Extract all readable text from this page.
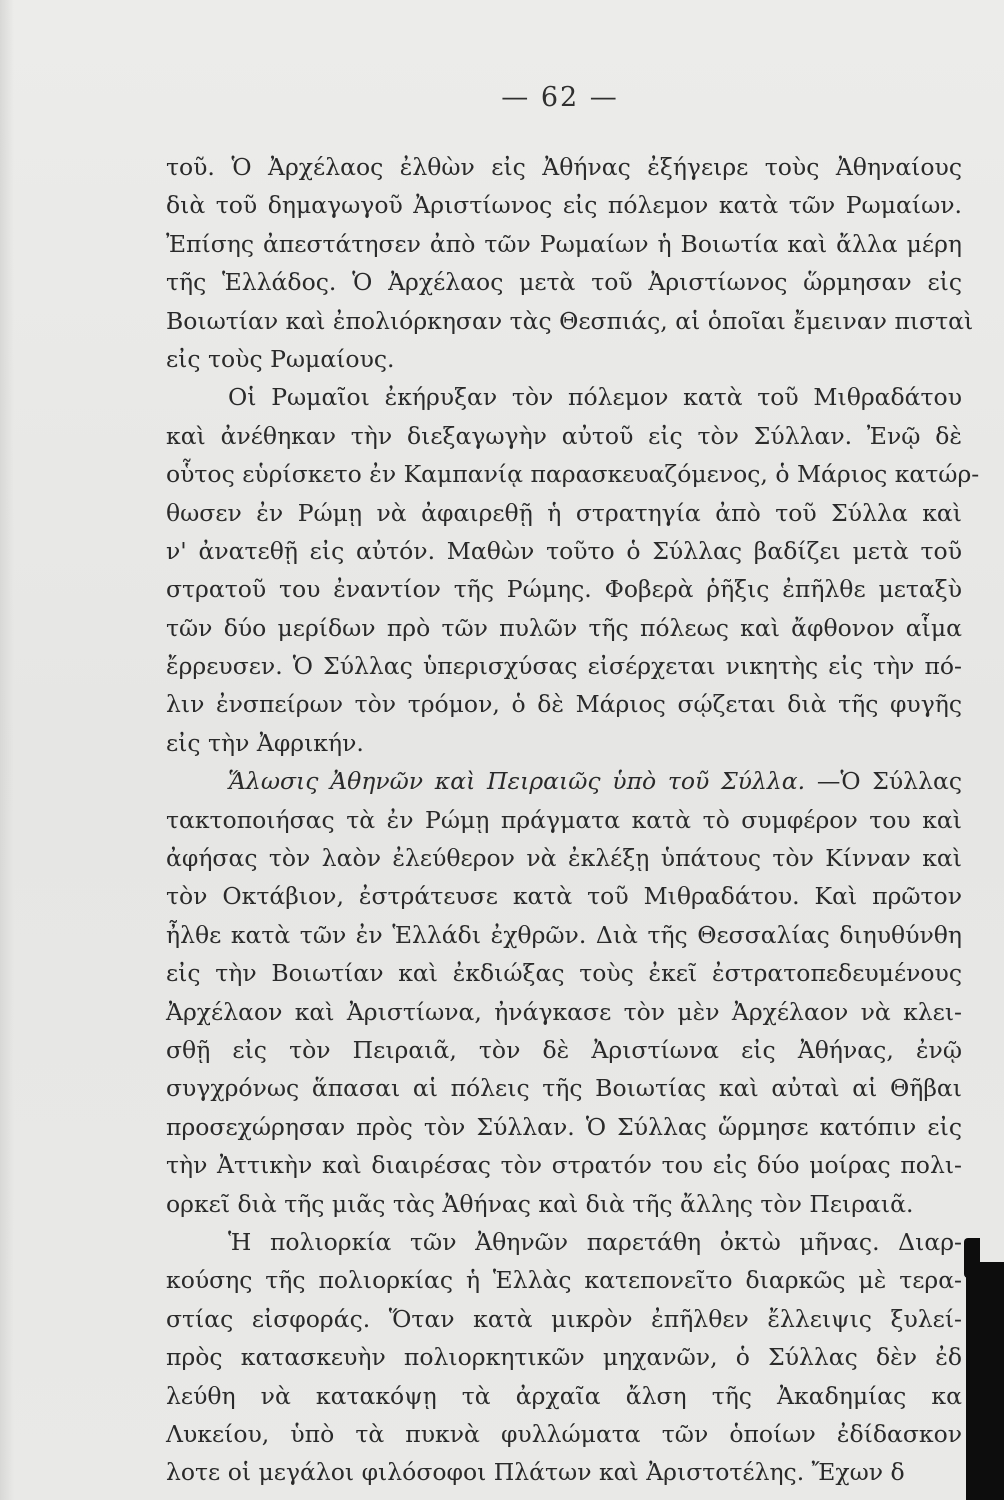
— 62 —
τοῦ. Ὁ Ἀρχέλαος ἐλθὼν εἰς Ἀθήνας ἐξήγειρε τοὺς Ἀθηναίους
διὰ τοῦ δημαγωγοῦ Ἀριστίωνος εἰς πόλεμον κατὰ τῶν Ρωμαίων.
Ἐπίσης ἀπεστάτησεν ἀπὸ τῶν Ρωμαίων ἡ Βοιωτία καὶ ἄλλα μέρη
τῆς Ἑλλάδος. Ὁ Ἀρχέλαος μετὰ τοῦ Ἀριστίωνος ὥρμησαν εἰς
Βοιωτίαν καὶ ἐπολιόρκησαν τὰς Θεσπιάς, αἱ ὁποῖαι ἔμειναν πισταὶ
εἰς τοὺς Ρωμαίους.
Οἱ Ρωμαῖοι ἐκήρυξαν τὸν πόλεμον κατὰ τοῦ Μιθραδάτου
καὶ ἀνέθηκαν τὴν διεξαγωγὴν αὐτοῦ εἰς τὸν Σύλλαν. Ἐνῷ δὲ
οὗτος εὑρίσκετο ἐν Καμπανίᾳ παρασκευαζόμενος, ὁ Μάριος κατώρ-
θωσεν ἐν Ρώμῃ νὰ ἀφαιρεθῇ ἡ στρατηγία ἀπὸ τοῦ Σύλλα καὶ
ν' ἀνατεθῇ εἰς αὐτόν. Μαθὼν τοῦτο ὁ Σύλλας βαδίζει μετὰ τοῦ
στρατοῦ του ἐναντίον τῆς Ρώμης. Φοβερὰ ῥῆξις ἐπῆλθε μεταξὺ
τῶν δύο μερίδων πρὸ τῶν πυλῶν τῆς πόλεως καὶ ἄφθονον αἷμα
ἔρρευσεν. Ὁ Σύλλας ὑπερισχύσας εἰσέρχεται νικητὴς εἰς τὴν πό-
λιν ἐνσπείρων τὸν τρόμον, ὁ δὲ Μάριος σῴζεται διὰ τῆς φυγῆς
εἰς τὴν Ἀφρικήν.
Ἅλωσις Ἀθηνῶν καὶ Πειραιῶς ὑπὸ τοῦ Σύλλα. —Ὁ Σύλλας
τακτοποιήσας τὰ ἐν Ρώμῃ πράγματα κατὰ τὸ συμφέρον του καὶ
ἀφήσας τὸν λαὸν ἐλεύθερον νὰ ἐκλέξῃ ὑπάτους τὸν Κίνναν καὶ
τὸν Οκτάβιον, ἐστράτευσε κατὰ τοῦ Μιθραδάτου. Καὶ πρῶτον
ἦλθε κατὰ τῶν ἐν Ἑλλάδι ἐχθρῶν. Διὰ τῆς Θεσσαλίας διηυθύνθη
εἰς τὴν Βοιωτίαν καὶ ἐκδιώξας τοὺς ἐκεῖ ἐστρατοπεδευμένους
Ἀρχέλαον καὶ Ἀριστίωνα, ἠνάγκασε τὸν μὲν Ἀρχέλαον νὰ κλει-
σθῇ εἰς τὸν Πειραιᾶ, τὸν δὲ Ἀριστίωνα εἰς Ἀθήνας, ἐνῷ
συγχρόνως ἅπασαι αἱ πόλεις τῆς Βοιωτίας καὶ αὐταὶ αἱ Θῆβαι
προσεχώρησαν πρὸς τὸν Σύλλαν. Ὁ Σύλλας ὥρμησε κατόπιν εἰς
τὴν Ἀττικὴν καὶ διαιρέσας τὸν στρατόν του εἰς δύο μοίρας πολι-
ορκεῖ διὰ τῆς μιᾶς τὰς Ἀθήνας καὶ διὰ τῆς ἄλλης τὸν Πειραιᾶ.
Ἡ πολιορκία τῶν Ἀθηνῶν παρετάθη ὀκτὼ μῆνας. Διαρ-
κούσης τῆς πολιορκίας ἡ Ἑλλὰς κατεπονεῖτο διαρκῶς μὲ τερα-
στίας εἰσφοράς. Ὅταν κατὰ μικρὸν ἐπῆλθεν ἔλλειψις ξυλεί-
πρὸς κατασκευὴν πολιορκητικῶν μηχανῶν, ὁ Σύλλας δὲν ἐδ
λεύθη νὰ κατακόψῃ τὰ ἀρχαῖα ἄλση τῆς Ἀκαδημίας κα
Λυκείου, ὑπὸ τὰ πυκνὰ φυλλώματα τῶν ὁποίων ἐδίδασκον
λοτε οἱ μεγάλοι φιλόσοφοι Πλάτων καὶ Ἀριστοτέλης. Ἔχων δ
